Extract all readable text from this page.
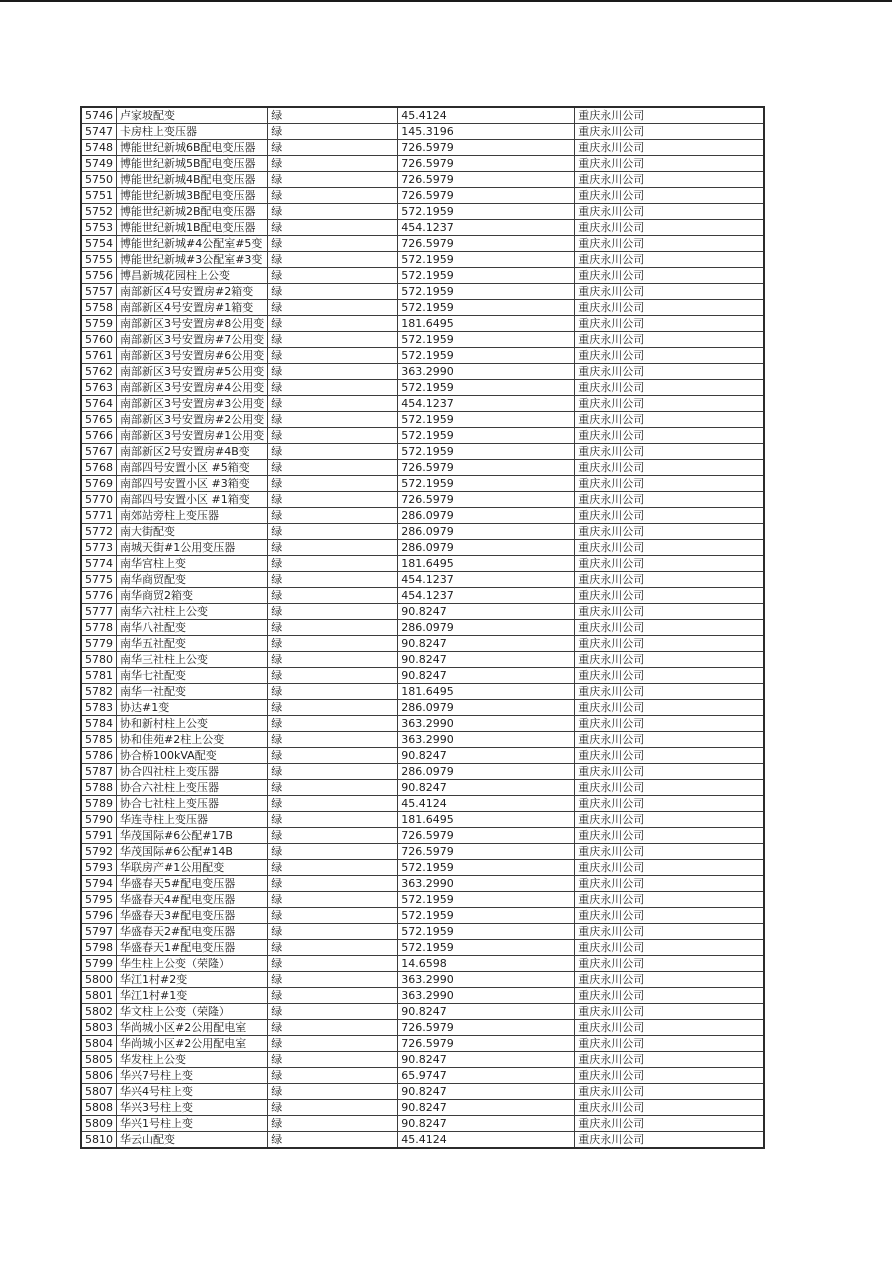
5746	卢家坡配变	绿	45.4124	重庆永川公司
5747	卡房柱上变压器	绿	145.3196	重庆永川公司
5748	博能世纪新城6B配电变压器	绿	726.5979	重庆永川公司
5749	博能世纪新城5B配电变压器	绿	726.5979	重庆永川公司
5750	博能世纪新城4B配电变压器	绿	726.5979	重庆永川公司
5751	博能世纪新城3B配电变压器	绿	726.5979	重庆永川公司
5752	博能世纪新城2B配电变压器	绿	572.1959	重庆永川公司
5753	博能世纪新城1B配电变压器	绿	454.1237	重庆永川公司
5754	博能世纪新城#4公配室#5变	绿	726.5979	重庆永川公司
5755	博能世纪新城#3公配室#3变	绿	572.1959	重庆永川公司
5756	博昌新城花园柱上公变	绿	572.1959	重庆永川公司
5757	南部新区4号安置房#2箱变	绿	572.1959	重庆永川公司
5758	南部新区4号安置房#1箱变	绿	572.1959	重庆永川公司
5759	南部新区3号安置房#8公用变	绿	181.6495	重庆永川公司
5760	南部新区3号安置房#7公用变	绿	572.1959	重庆永川公司
5761	南部新区3号安置房#6公用变	绿	572.1959	重庆永川公司
5762	南部新区3号安置房#5公用变	绿	363.2990	重庆永川公司
5763	南部新区3号安置房#4公用变	绿	572.1959	重庆永川公司
5764	南部新区3号安置房#3公用变	绿	454.1237	重庆永川公司
5765	南部新区3号安置房#2公用变	绿	572.1959	重庆永川公司
5766	南部新区3号安置房#1公用变	绿	572.1959	重庆永川公司
5767	南部新区2号安置房#4B变	绿	572.1959	重庆永川公司
5768	南部四号安置小区 #5箱变	绿	726.5979	重庆永川公司
5769	南部四号安置小区 #3箱变	绿	572.1959	重庆永川公司
5770	南部四号安置小区 #1箱变	绿	726.5979	重庆永川公司
5771	南郊站旁柱上变压器	绿	286.0979	重庆永川公司
5772	南大街配变	绿	286.0979	重庆永川公司
5773	南城天街#1公用变压器	绿	286.0979	重庆永川公司
5774	南华宫柱上变	绿	181.6495	重庆永川公司
5775	南华商贸配变	绿	454.1237	重庆永川公司
5776	南华商贸2箱变	绿	454.1237	重庆永川公司
5777	南华六社柱上公变	绿	90.8247	重庆永川公司
5778	南华八社配变	绿	286.0979	重庆永川公司
5779	南华五社配变	绿	90.8247	重庆永川公司
5780	南华三社柱上公变	绿	90.8247	重庆永川公司
5781	南华七社配变	绿	90.8247	重庆永川公司
5782	南华一社配变	绿	181.6495	重庆永川公司
5783	协达#1变	绿	286.0979	重庆永川公司
5784	协和新村柱上公变	绿	363.2990	重庆永川公司
5785	协和佳苑#2柱上公变	绿	363.2990	重庆永川公司
5786	协合桥100kVA配变	绿	90.8247	重庆永川公司
5787	协合四社柱上变压器	绿	286.0979	重庆永川公司
5788	协合六社柱上变压器	绿	90.8247	重庆永川公司
5789	协合七社柱上变压器	绿	45.4124	重庆永川公司
5790	华连寺柱上变压器	绿	181.6495	重庆永川公司
5791	华茂国际#6公配#17B	绿	726.5979	重庆永川公司
5792	华茂国际#6公配#14B	绿	726.5979	重庆永川公司
5793	华联房产#1公用配变	绿	572.1959	重庆永川公司
5794	华盛春天5#配电变压器	绿	363.2990	重庆永川公司
5795	华盛春天4#配电变压器	绿	572.1959	重庆永川公司
5796	华盛春天3#配电变压器	绿	572.1959	重庆永川公司
5797	华盛春天2#配电变压器	绿	572.1959	重庆永川公司
5798	华盛春天1#配电变压器	绿	572.1959	重庆永川公司
5799	华生柱上公变（荣隆）	绿	14.6598	重庆永川公司
5800	华江1村#2变	绿	363.2990	重庆永川公司
5801	华江1村#1变	绿	363.2990	重庆永川公司
5802	华文柱上公变（荣隆）	绿	90.8247	重庆永川公司
5803	华尚城小区#2公用配电室	绿	726.5979	重庆永川公司
5804	华尚城小区#2公用配电室	绿	726.5979	重庆永川公司
5805	华发柱上公变	绿	90.8247	重庆永川公司
5806	华兴7号柱上变	绿	65.9747	重庆永川公司
5807	华兴4号柱上变	绿	90.8247	重庆永川公司
5808	华兴3号柱上变	绿	90.8247	重庆永川公司
5809	华兴1号柱上变	绿	90.8247	重庆永川公司
5810	华云山配变	绿	45.4124	重庆永川公司
